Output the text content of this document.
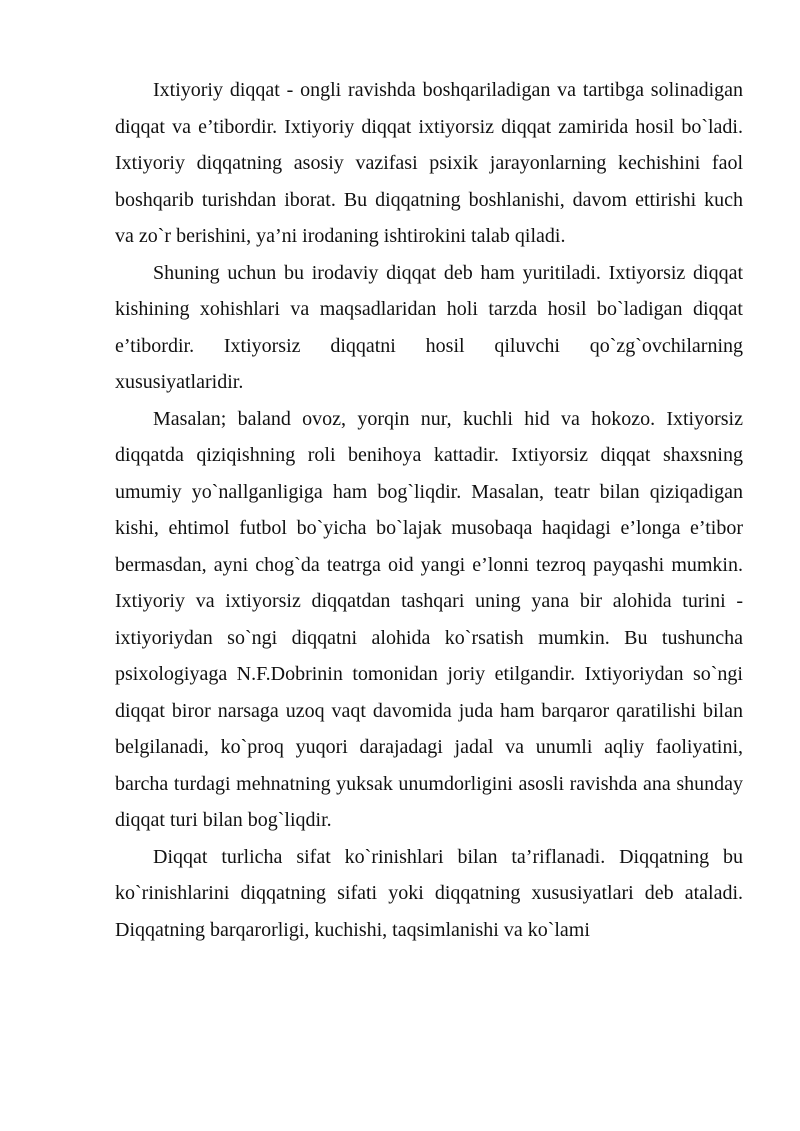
Ixtiyoriy diqqat - ongli ravishda boshqariladigan va tartibga solinadigan diqqat va e’tibordir. Ixtiyoriy diqqat ixtiyorsiz diqqat zamirida hosil bo`ladi. Ixtiyoriy diqqatning asosiy vazifasi psixik jarayonlarning kechishini faol boshqarib turishdan iborat. Bu diqqatning boshlanishi, davom ettirishi kuch va zo`r berishini, ya’ni irodaning ishtirokini talab qiladi.

Shuning uchun bu irodaviy diqqat deb ham yuritiladi. Ixtiyorsiz diqqat kishining xohishlari va maqsadlaridan holi tarzda hosil bo`ladigan diqqat e’tibordir. Ixtiyorsiz diqqatni hosil qiluvchi qo`zg`ovchilarning xususiyatlaridir.

Masalan; baland ovoz, yorqin nur, kuchli hid va hokozo. Ixtiyorsiz diqqatda qiziqishning roli benihoya kattadir. Ixtiyorsiz diqqat shaxsning umumiy yo`nallganligiga ham bog`liqdir. Masalan, teatr bilan qiziqadigan kishi, ehtimol futbol bo`yicha bo`lajak musobaqa haqidagi e’longa e’tibor bermasdan, ayni chog`da teatrga oid yangi e’lonni tezroq payqashi mumkin. Ixtiyoriy va ixtiyorsiz diqqatdan tashqari uning yana bir alohida turini - ixtiyoriydan so`ngi diqqatni alohida ko`rsatish mumkin. Bu tushuncha psixologiyaga N.F.Dobrinin tomonidan joriy etilgandir. Ixtiyoriydan so`ngi diqqat biror narsaga uzoq vaqt davomida juda ham barqaror qaratilishi bilan belgilanadi, ko`proq yuqori darajadagi jadal va unumli aqliy faoliyatini, barcha turdagi mehnatning yuksak unumdorligini asosli ravishda ana shunday diqqat turi bilan bog`liqdir.

Diqqat turlicha sifat ko`rinishlari bilan ta’riflanadi. Diqqatning bu ko`rinishlarini diqqatning sifati yoki diqqatning xususiyatlari deb ataladi. Diqqatning barqarorligi, kuchishi, taqsimlanishi va ko`lami
